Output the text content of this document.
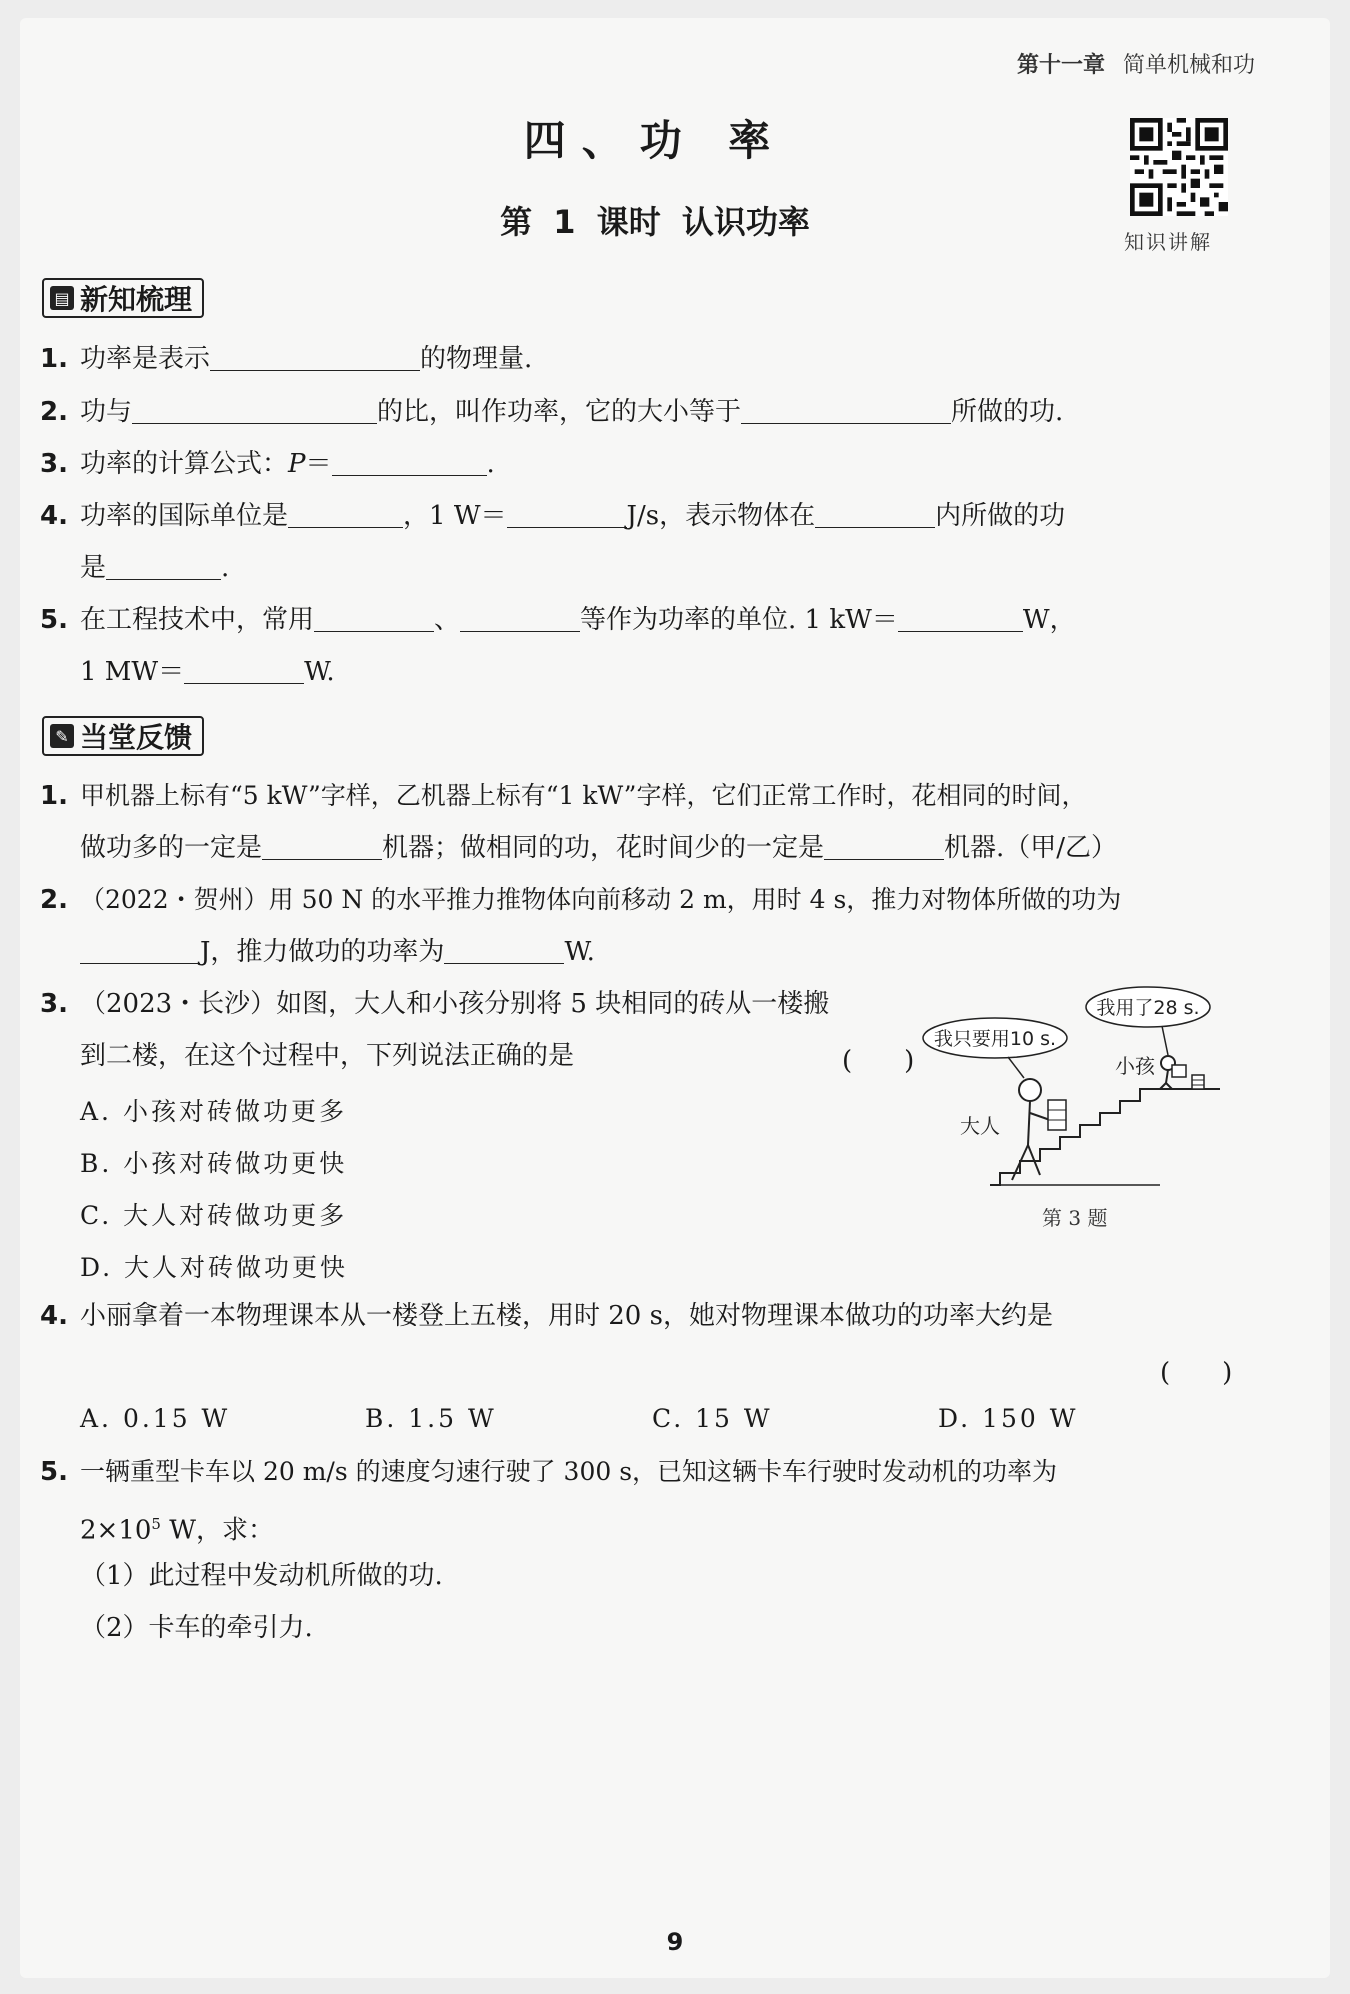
第十一章 简单机械和功
四、功 率
第 1 课时 认识功率
知识讲解
▤ 新知梳理
1. 功率是表示	的物理量.
2. 功与	的比，叫作功率，它的大小等于	所做的功.
3. 功率的计算公式：P＝	.
4. 功率的国际单位是	，1 W＝	J/s，表示物体在	内所做的功
是	.
5. 在工程技术中，常用	、	等作为功率的单位. 1 kW＝	W，
1 MW＝	W.
✎ 当堂反馈
1. 甲机器上标有“5 kW”字样，乙机器上标有“1 kW”字样，它们正常工作时，花相同的时间，
做功多的一定是	机器；做相同的功，花时间少的一定是	机器.（甲/乙）
2. （2022・贺州）用 50 N 的水平推力推物体向前移动 2 m，用时 4 s，推力对物体所做的功为
J，推力做功的功率为	W.
3. （2023・长沙）如图，大人和小孩分别将 5 块相同的砖从一楼搬
到二楼，在这个过程中，下列说法正确的是	(　　)
A. 小孩对砖做功更多
B. 小孩对砖做功更快
C. 大人对砖做功更多
D. 大人对砖做功更快
我用了28 s.
我只要用10 s.
小孩
大人
第 3 题
4. 小丽拿着一本物理课本从一楼登上五楼，用时 20 s，她对物理课本做功的功率大约是
(　　)
A. 0.15 W	B. 1.5 W	C. 15 W	D. 150 W
5. 一辆重型卡车以 20 m/s 的速度匀速行驶了 300 s，已知这辆卡车行驶时发动机的功率为
$2\times 10^5$ W，求：
（1）此过程中发动机所做的功.
（2）卡车的牵引力.
9
